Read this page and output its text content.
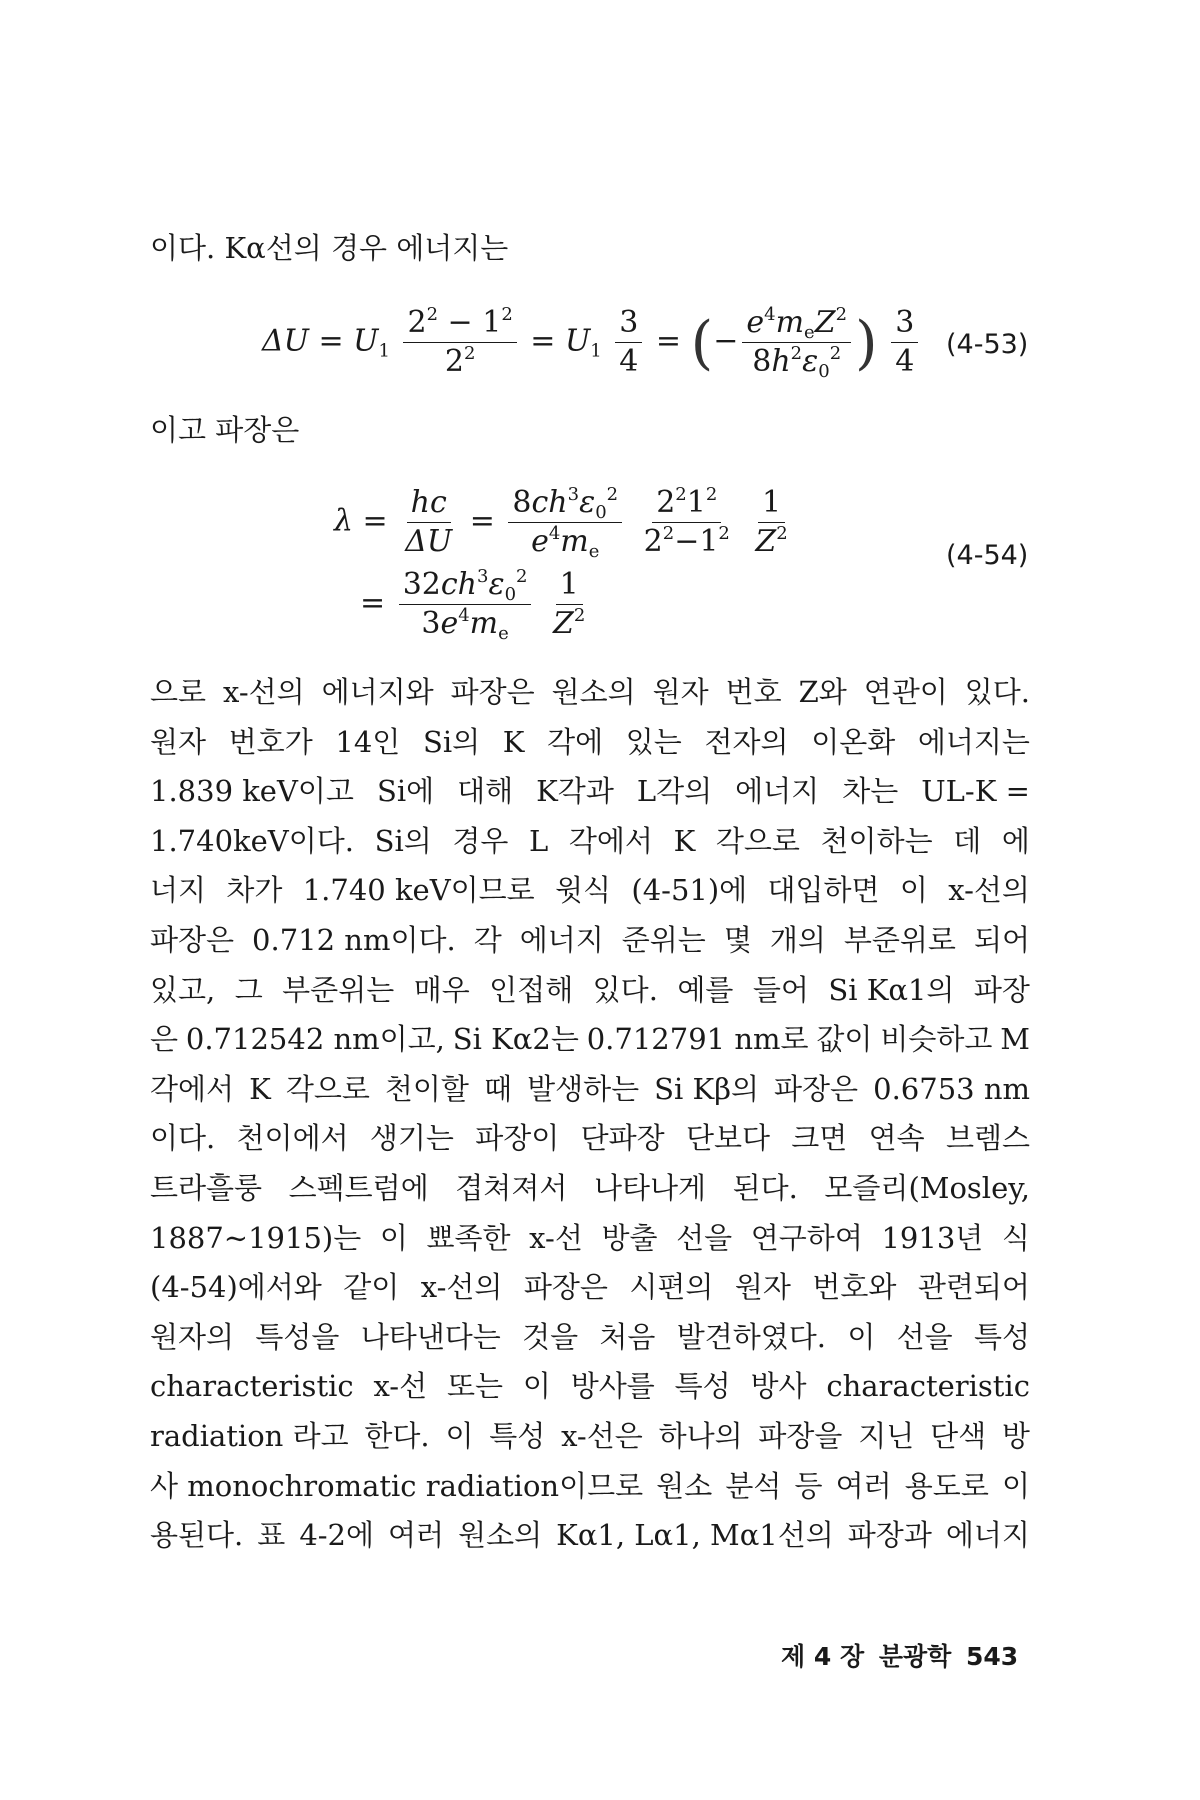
이다. Kα선의 경우 에너지는
$\Delta U = U_1 \frac{2^2 - 1^2}{2^2} = U_1 \frac{3}{4}$ = (− $\frac{e^4m_eZ^2}{8h^2\varepsilon_0^2}$ ) $\frac{3}{4} (4-53)$
이고 파장은
$\lambda = \frac{hc}{\Delta U} = \frac{8ch^3\varepsilon_0^2}{e^4m_e}$
$\frac{2^21^2}{2^2-1^2}$
$\frac{1}{Z^2}$
= $\frac{32ch^3\varepsilon_0^2}{3e^4m_e}$
$\frac{1}{Z^2}$
(4-54)
으로 x-선의 에너지와 파장은 원소의 원자 번호 Z와 연관이 있다.
원자 번호가 14인 Si의 K 각에 있는 전자의 이온화 에너지는
1.839 keV이고 Si에 대해 K각과 L각의 에너지 차는 UL-K =
1.740keV이다. Si의 경우 L 각에서 K 각으로 천이하는 데 에
너지 차가 1.740 keV이므로 윗식 (4-51)에 대입하면 이 x-선의
파장은 0.712 nm이다. 각 에너지 준위는 몇 개의 부준위로 되어
있고, 그 부준위는 매우 인접해 있다. 예를 들어 Si Kα1의 파장
은 0.712542 nm이고, Si Kα2는 0.712791 nm로 값이 비슷하고 M
각에서 K 각으로 천이할 때 발생하는 Si Kβ의 파장은 0.6753 nm
이다. 천이에서 생기는 파장이 단파장 단보다 크면 연속 브렘스
트라흘룽 스펙트럼에 겹쳐져서 나타나게 된다. 모즐리(Mosley,
1887∼1915)는 이 뾰족한 x-선 방출 선을 연구하여 1913년 식
(4-54)에서와 같이 x-선의 파장은 시편의 원자 번호와 관련되어
원자의 특성을 나타낸다는 것을 처음 발견하였다. 이 선을 특성
characteristic x-선 또는 이 방사를 특성 방사 characteristic
radiation 라고 한다. 이 특성 x-선은 하나의 파장을 지닌 단색 방
사 monochromatic radiation이므로 원소 분석 등 여러 용도로 이
용된다. 표 4-2에 여러 원소의 Kα1, Lα1, Mα1선의 파장과 에너지
제 4 장 분광학 543
